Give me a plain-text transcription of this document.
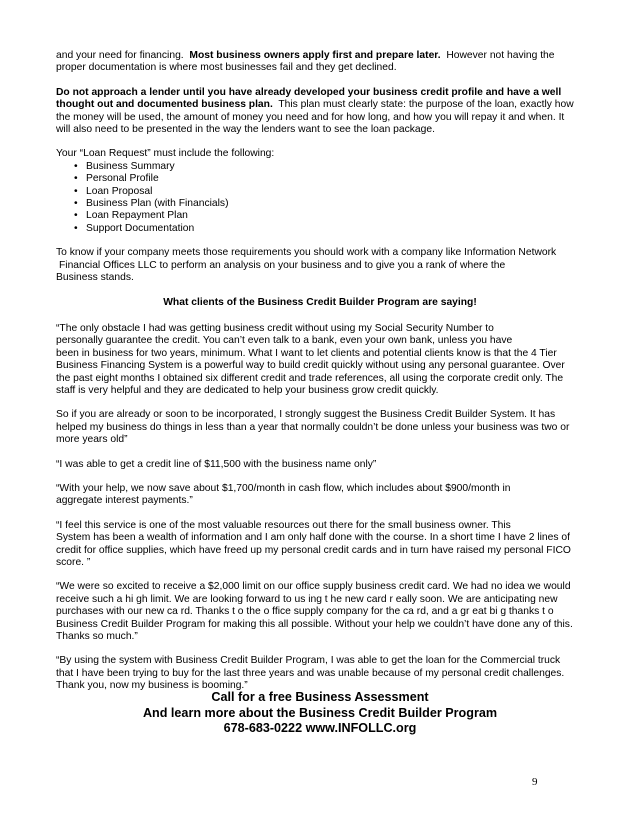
and your need for financing. Most business owners apply first and prepare later. However not having the
proper documentation is where most businesses fail and they get declined.

Do not approach a lender until you have already developed your business credit profile and have a well
thought out and documented business plan. This plan must clearly state: the purpose of the loan, exactly how
the money will be used, the amount of money you need and for how long, and how you will repay it and when. It
will also need to be presented in the way the lenders want to see the loan package.

Your “Loan Request” must include the following:

• Business Summary
• Personal Profile
• Loan Proposal
• Business Plan (with Financials)
• Loan Repayment Plan
• Support Documentation

To know if your company meets those requirements you should work with a company like Information Network
Financial Offices LLC to perform an analysis on your business and to give you a rank of where the
Business stands.

What clients of the Business Credit Builder Program are saying!

“The only obstacle I had was getting business credit without using my Social Security Number to
personally guarantee the credit. You can’t even talk to a bank, even your own bank, unless you have
been in business for two years, minimum. What I want to let clients and potential clients know is that the 4 Tier
Business Financing System is a powerful way to build credit quickly without using any personal guarantee. Over
the past eight months I obtained six different credit and trade references, all using the corporate credit only. The
staff is very helpful and they are dedicated to help your business grow credit quickly.

So if you are already or soon to be incorporated, I strongly suggest the Business Credit Builder System. It has
helped my business do things in less than a year that normally couldn’t be done unless your business was two or
more years old”

“I was able to get a credit line of $11,500 with the business name only”

“With your help, we now save about $1,700/month in cash flow, which includes about $900/month in
aggregate interest payments.”

“I feel this service is one of the most valuable resources out there for the small business owner. This
System has been a wealth of information and I am only half done with the course. In a short time I have 2 lines of
credit for office supplies, which have freed up my personal credit cards and in turn have raised my personal FICO
score. ”

“We were so excited to receive a $2,000 limit on our office supply business credit card. We had no idea we would
receive such a hi gh limit. We are looking forward to us ing t he new card r eally soon. We are anticipating new
purchases with our new ca rd. Thanks t o the o ffice supply company for the ca rd, and a gr eat bi g thanks t o
Business Credit Builder Program for making this all possible. Without your help we couldn’t have done any of this.
Thanks so much.”

“By using the system with Business Credit Builder Program, I was able to get the loan for the Commercial truck
that I have been trying to buy for the last three years and was unable because of my personal credit challenges.
Thank you, now my business is booming.”

Call for a free Business Assessment
And learn more about the Business Credit Builder Program
678-683-0222 www.INFOLLC.org
9
